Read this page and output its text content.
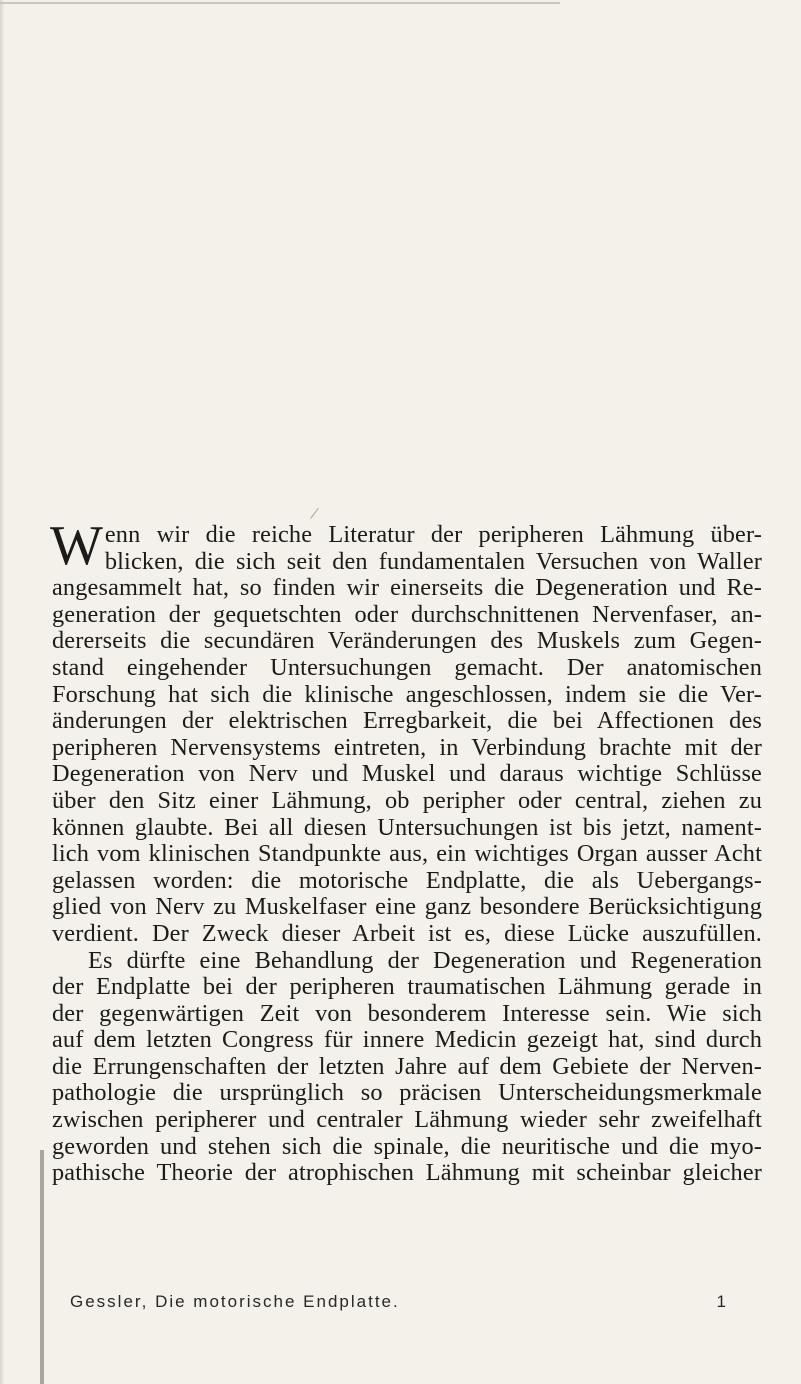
/
W enn wir die reiche Literatur der peripheren Lähmung über-

blicken, die sich seit den fundamentalen Versuchen von Waller

angesammelt hat, so finden wir einerseits die Degeneration und Re-

generation der gequetschten oder durchschnittenen Nervenfaser, an-

dererseits die secundären Veränderungen des Muskels zum Gegen-

stand eingehender Untersuchungen gemacht. Der anatomischen

Forschung hat sich die klinische angeschlossen, indem sie die Ver-

änderungen der elektrischen Erregbarkeit, die bei Affectionen des

peripheren Nervensystems eintreten, in Verbindung brachte mit der

Degeneration von Nerv und Muskel und daraus wichtige Schlüsse

über den Sitz einer Lähmung, ob peripher oder central, ziehen zu

können glaubte. Bei all diesen Untersuchungen ist bis jetzt, nament-

lich vom klinischen Standpunkte aus, ein wichtiges Organ ausser Acht

gelassen worden: die motorische Endplatte, die als Uebergangs-

glied von Nerv zu Muskelfaser eine ganz besondere Berücksichtigung

verdient. Der Zweck dieser Arbeit ist es, diese Lücke auszufüllen.

Es dürfte eine Behandlung der Degeneration und Regeneration

der Endplatte bei der peripheren traumatischen Lähmung gerade in

der gegenwärtigen Zeit von besonderem Interesse sein. Wie sich

auf dem letzten Congress für innere Medicin gezeigt hat, sind durch

die Errungenschaften der letzten Jahre auf dem Gebiete der Nerven-

pathologie die ursprünglich so präcisen Unterscheidungsmerkmale

zwischen peripherer und centraler Lähmung wieder sehr zweifelhaft

geworden und stehen sich die spinale, die neuritische und die myo-

pathische Theorie der atrophischen Lähmung mit scheinbar gleicher

Gessler, Die motorische Endplatte.	1
